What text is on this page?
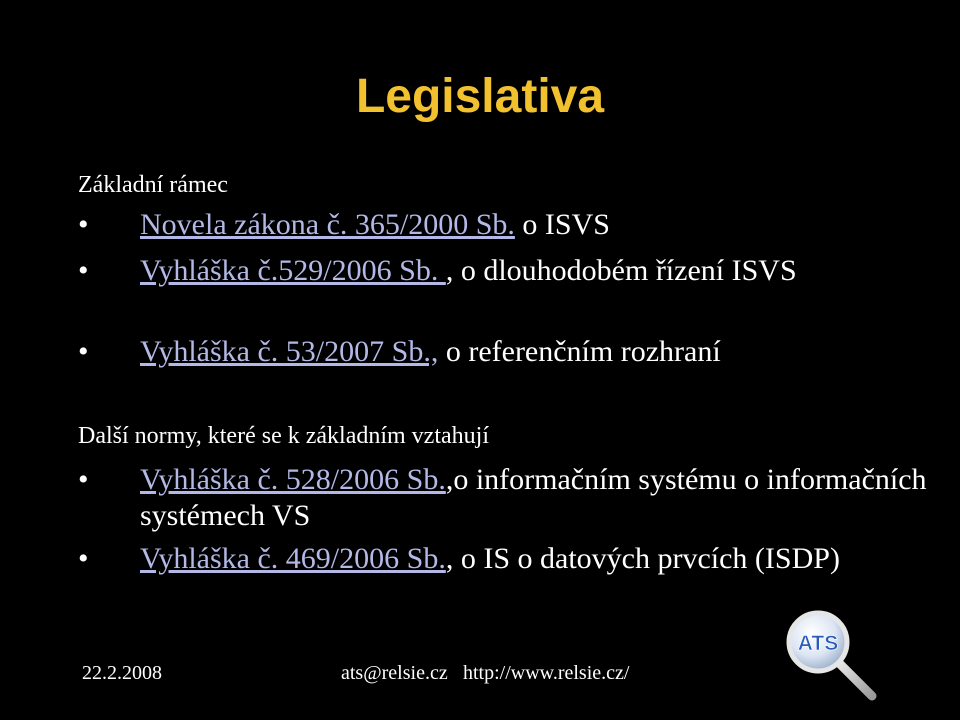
Legislativa
Základní rámec
•	Novela zákona č. 365/2000 Sb. o ISVS
•	Vyhláška č.529/2006 Sb. , o dlouhodobém řízení ISVS
•	Vyhláška č. 53/2007 Sb., o referenčním rozhraní
Další normy, které se k základním vztahují
•	Vyhláška č. 528/2006 Sb.,o informačním systému o informačních systémech VS
•	Vyhláška č. 469/2006 Sb., o IS o datových prvcích (ISDP)
22.2.2008	ats@relsie.cz http://www.relsie.cz/
ATS
